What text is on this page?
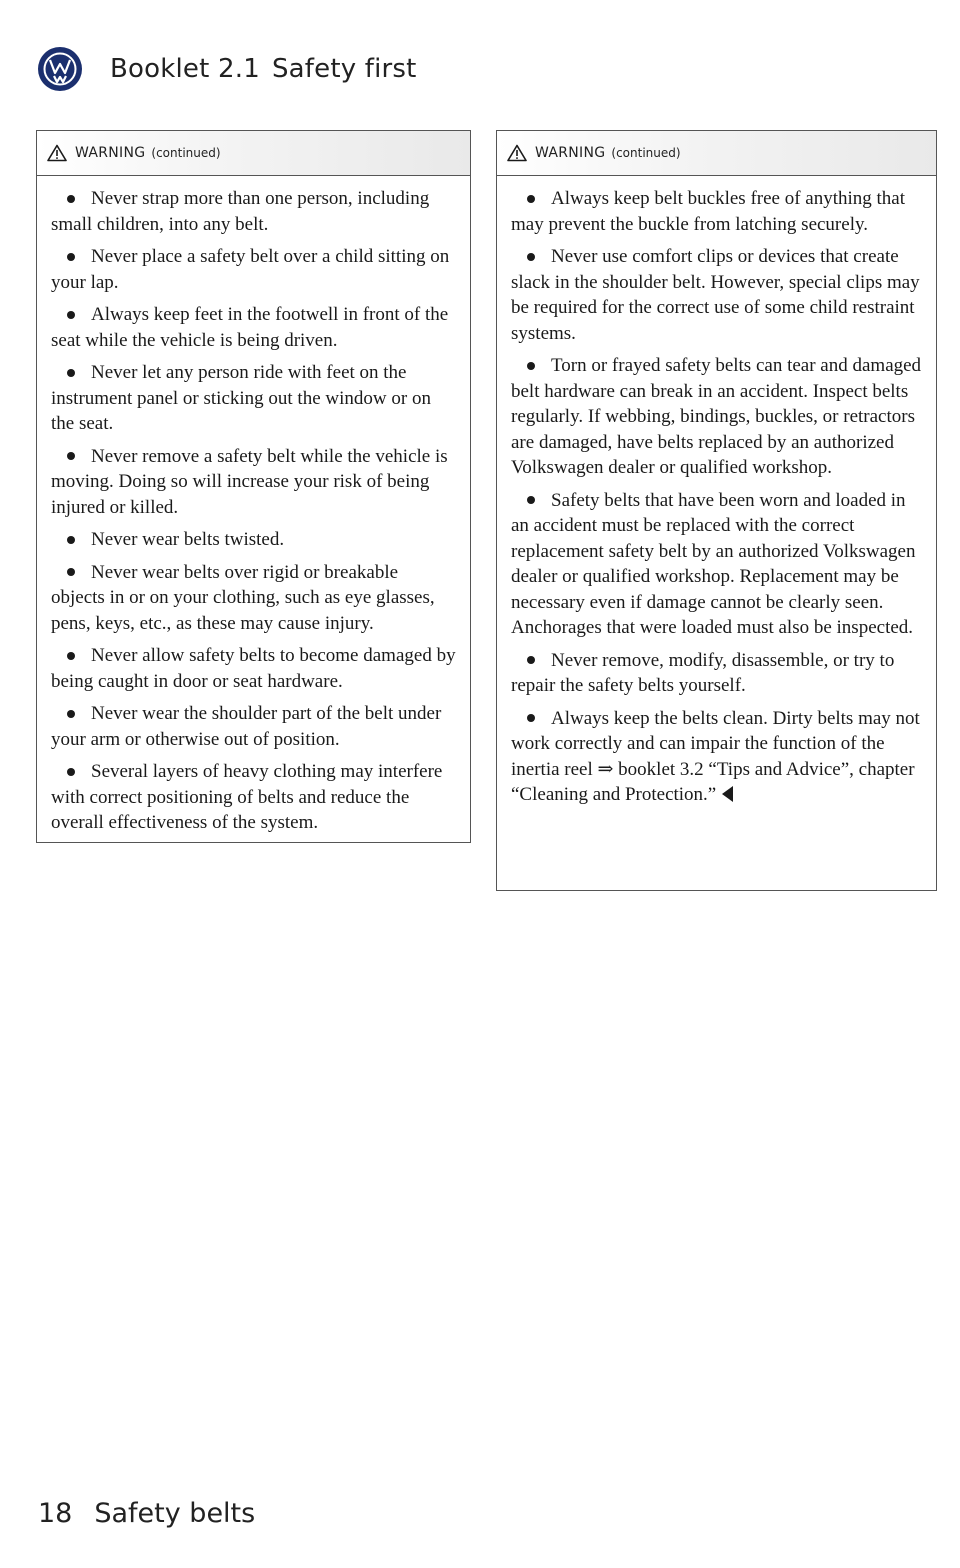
Booklet 2.1 Safety first
WARNING (continued)
Never strap more than one person, including small children, into any belt.
Never place a safety belt over a child sitting on your lap.
Always keep feet in the footwell in front of the seat while the vehicle is being driven.
Never let any person ride with feet on the instrument panel or sticking out the window or on the seat.
Never remove a safety belt while the vehicle is moving. Doing so will increase your risk of being injured or killed.
Never wear belts twisted.
Never wear belts over rigid or breakable objects in or on your clothing, such as eye glasses, pens, keys, etc., as these may cause injury.
Never allow safety belts to become damaged by being caught in door or seat hardware.
Never wear the shoulder part of the belt under your arm or otherwise out of position.
Several layers of heavy clothing may interfere with correct positioning of belts and reduce the overall effectiveness of the system.
WARNING (continued)
Always keep belt buckles free of anything that may prevent the buckle from latching securely.
Never use comfort clips or devices that create slack in the shoulder belt. However, special clips may be required for the correct use of some child restraint systems.
Torn or frayed safety belts can tear and damaged belt hardware can break in an accident. Inspect belts regularly. If webbing, bindings, buckles, or retractors are damaged, have belts replaced by an authorized Volkswagen dealer or qualified workshop.
Safety belts that have been worn and loaded in an accident must be replaced with the correct replacement safety belt by an authorized Volkswagen dealer or qualified workshop. Replacement may be necessary even if damage cannot be clearly seen. Anchorages that were loaded must also be inspected.
Never remove, modify, disassemble, or try to repair the safety belts yourself.
Always keep the belts clean. Dirty belts may not work correctly and can impair the function of the inertia reel ⇒ booklet 3.2 “Tips and Advice”, chapter “Cleaning and Protection.”
18 Safety belts
